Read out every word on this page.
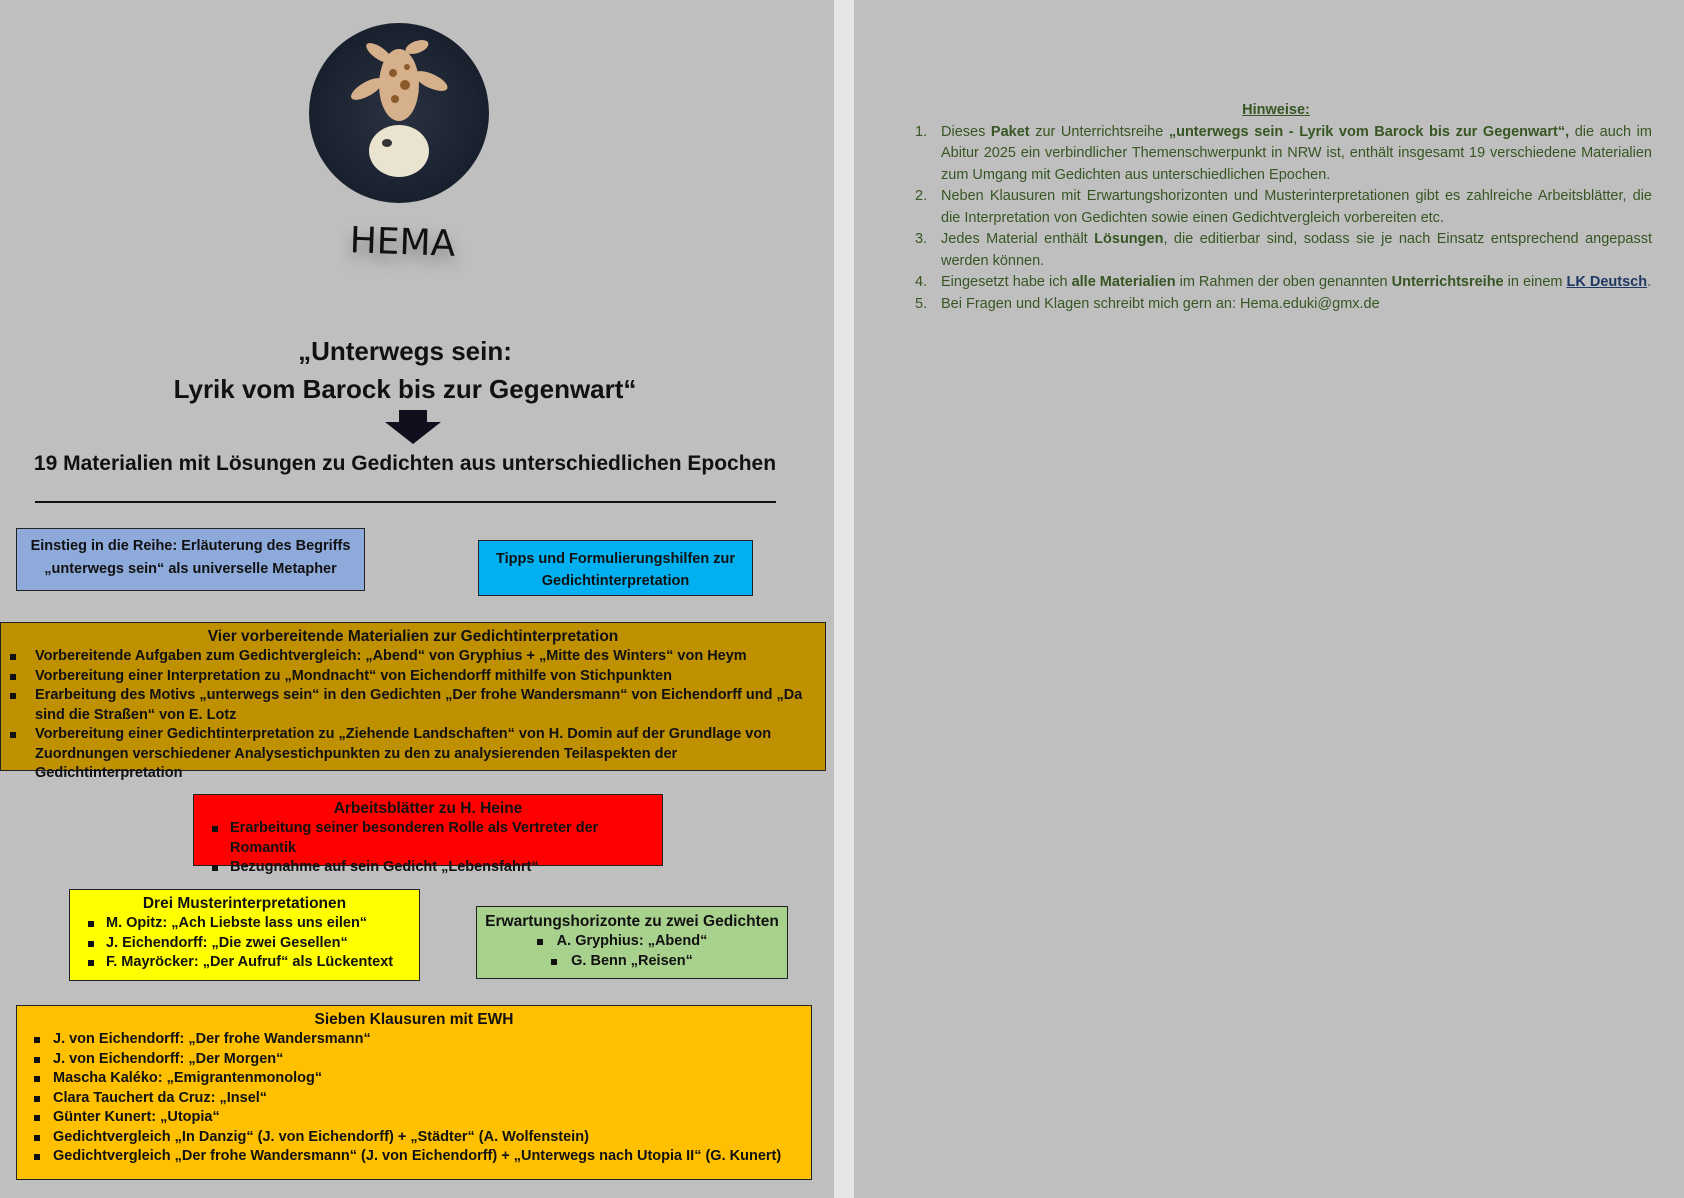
HEMA
„Unterwegs sein:
Lyrik vom Barock bis zur Gegenwart“
19 Materialien mit Lösungen zu Gedichten aus unterschiedlichen Epochen
Einstieg in die Reihe: Erläuterung des Begriffs
„unterwegs sein“ als universelle Metapher
Tipps und Formulierungshilfen zur
Gedichtinterpretation
Vier vorbereitende Materialien zur Gedichtinterpretation
Vorbereitende Aufgaben zum Gedichtvergleich: „Abend“ von Gryphius + „Mitte des Winters“ von Heym
Vorbereitung einer Interpretation zu „Mondnacht“ von Eichendorff mithilfe von Stichpunkten
Erarbeitung des Motivs „unterwegs sein“ in den Gedichten „Der frohe Wandersmann“ von Eichendorff und „Da sind die Straßen“ von E. Lotz
Vorbereitung einer Gedichtinterpretation zu „Ziehende Landschaften“ von H. Domin auf der Grundlage von Zuordnungen verschiedener Analysestichpunkten zu den zu analysierenden Teilaspekten der Gedichtinterpretation
Arbeitsblätter zu H. Heine
Erarbeitung seiner besonderen Rolle als Vertreter der Romantik
Bezugnahme auf sein Gedicht „Lebensfahrt“
Drei Musterinterpretationen
M. Opitz: „Ach Liebste lass uns eilen“
J. Eichendorff: „Die zwei Gesellen“
F. Mayröcker: „Der Aufruf“ als Lückentext
Erwartungshorizonte zu zwei Gedichten
A. Gryphius: „Abend“
G. Benn „Reisen“
Sieben Klausuren mit EWH
J. von Eichendorff: „Der frohe Wandersmann“
J. von Eichendorff: „Der Morgen“
Mascha Kaléko: „Emigrantenmonolog“
Clara Tauchert da Cruz: „Insel“
Günter Kunert: „Utopia“
Gedichtvergleich „In Danzig“ (J. von Eichendorff) + „Städter“ (A. Wolfenstein)
Gedichtvergleich „Der frohe Wandersmann“ (J. von Eichendorff) + „Unterwegs nach Utopia II“ (G. Kunert)
Hinweise:
1. Dieses Paket zur Unterrichtsreihe „unterwegs sein - Lyrik vom Barock bis zur Gegenwart“, die auch im Abitur 2025 ein verbindlicher Themenschwerpunkt in NRW ist, enthält insgesamt 19 verschiedene Materialien zum Umgang mit Gedichten aus unterschiedlichen Epochen.
2. Neben Klausuren mit Erwartungshorizonten und Musterinterpretationen gibt es zahlreiche Arbeitsblätter, die die Interpretation von Gedichten sowie einen Gedichtvergleich vorbereiten etc.
3. Jedes Material enthält Lösungen, die editierbar sind, sodass sie je nach Einsatz entsprechend angepasst werden können.
4. Eingesetzt habe ich alle Materialien im Rahmen der oben genannten Unterrichtsreihe in einem LK Deutsch.
5. Bei Fragen und Klagen schreibt mich gern an: Hema.eduki@gmx.de
